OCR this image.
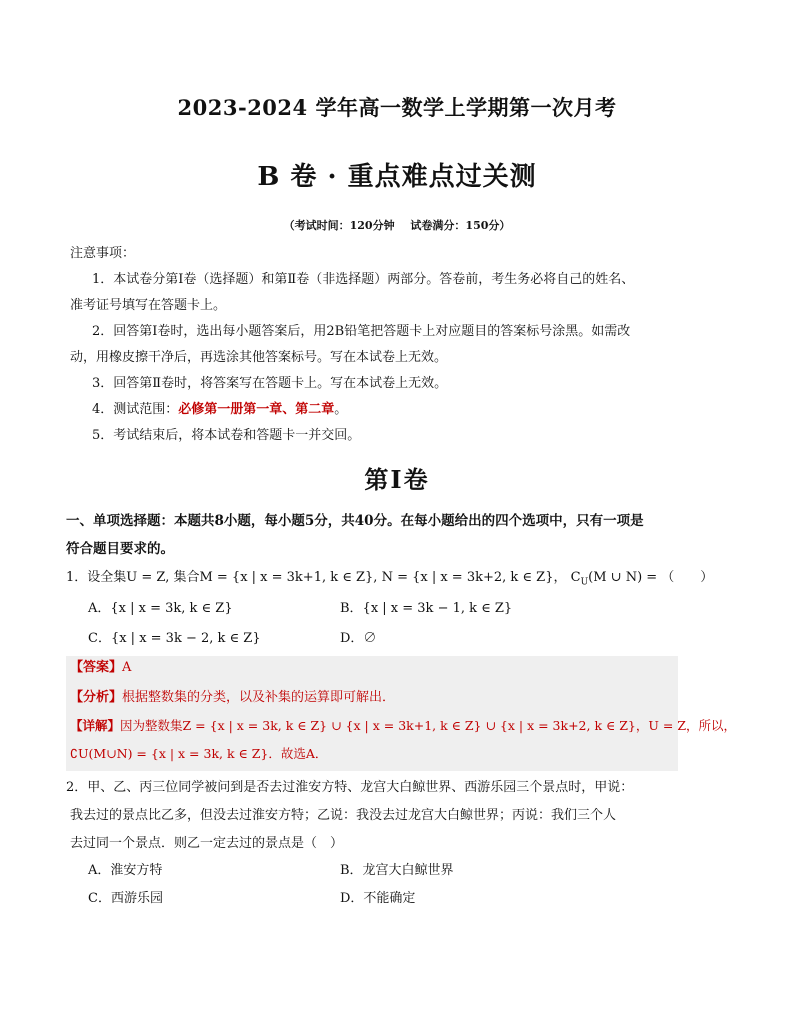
2023-2024 学年高一数学上学期第一次月考
B 卷 · 重点难点过关测
（考试时间：120分钟 试卷满分：150分）
注意事项：
1．本试卷分第Ⅰ卷（选择题）和第Ⅱ卷（非选择题）两部分。答卷前，考生务必将自己的姓名、
准考证号填写在答题卡上。
2．回答第Ⅰ卷时，选出每小题答案后，用2B铅笔把答题卡上对应题目的答案标号涂黑。如需改
动，用橡皮擦干净后，再选涂其他答案标号。写在本试卷上无效。
3．回答第Ⅱ卷时，将答案写在答题卡上。写在本试卷上无效。
4．测试范围：必修第一册第一章、第二章。
5．考试结束后，将本试卷和答题卡一并交回。
第Ⅰ卷
一、单项选择题：本题共8小题，每小题5分，共40分。在每小题给出的四个选项中，只有一项是
符合题目要求的。
1．设全集U = Z, 集合M = {x | x = 3k+1, k ∈ Z}, N = {x | x = 3k+2, k ∈ Z}， $C_U(M$ ∪ N) = （　　）
A．{x | x = 3k, k ∈ Z}	B．{x | x = 3k − 1, k ∈ Z}
C．{x | x = 3k − 2, k ∈ Z}	D．∅
【答案】A
【分析】根据整数集的分类，以及补集的运算即可解出．
【详解】因为整数集Z = {x | x = 3k, k ∈ Z} ∪ {x | x = 3k+1, k ∈ Z} ∪ {x | x = 3k+2, k ∈ Z}，U = Z，所以，
∁U(M∪N) = {x | x = 3k, k ∈ Z}．故选A．
2．甲、乙、丙三位同学被问到是否去过淮安方特、龙宫大白鲸世界、西游乐园三个景点时，甲说：
我去过的景点比乙多，但没去过淮安方特；乙说：我没去过龙宫大白鲸世界；丙说：我们三个人
去过同一个景点．则乙一定去过的景点是（　）
A．淮安方特	B．龙宫大白鲸世界
C．西游乐园	D．不能确定
